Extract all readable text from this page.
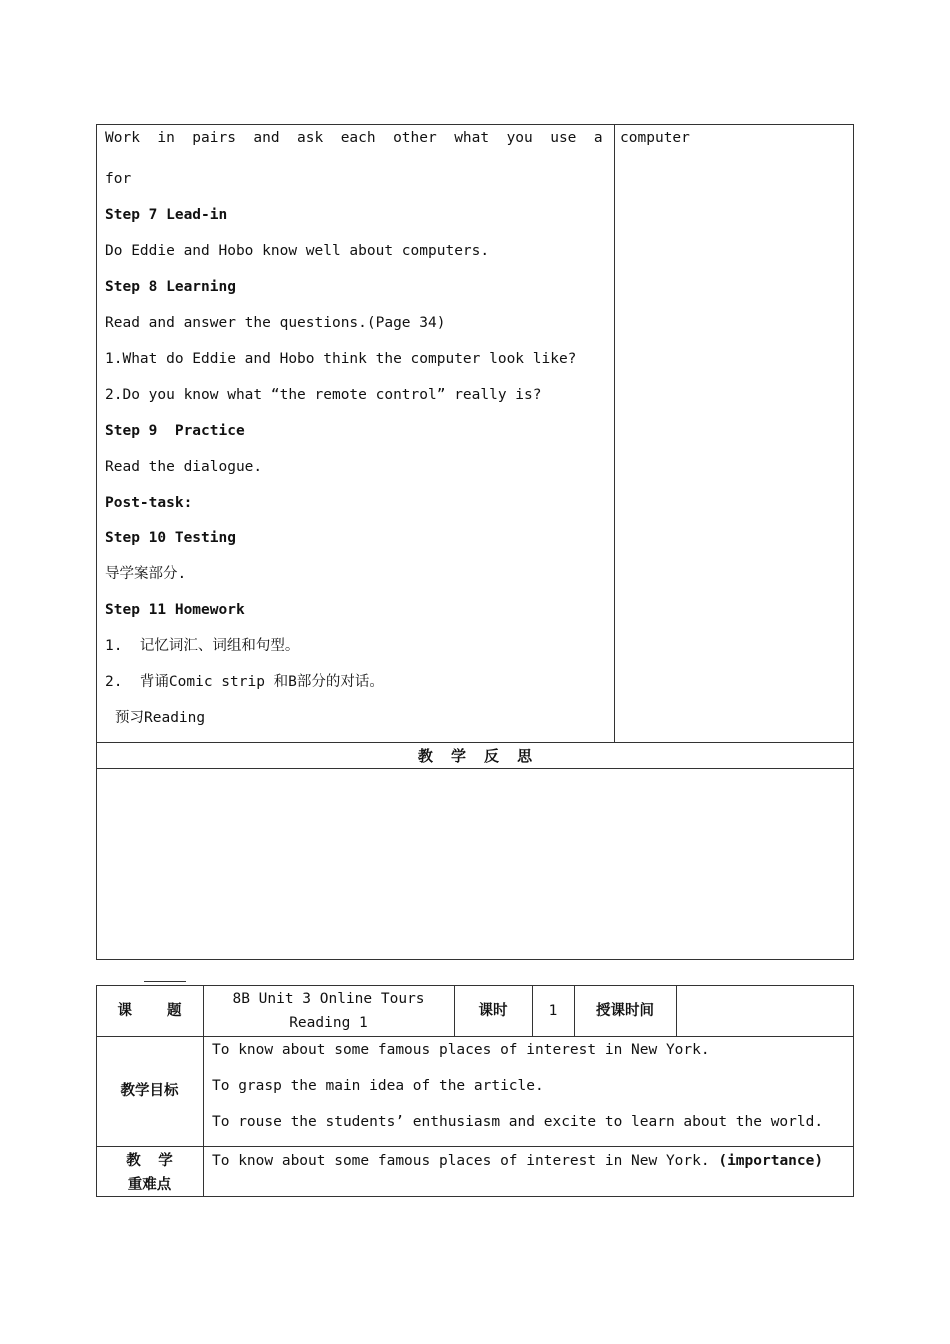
Work  in  pairs  and  ask  each  other  what  you  use  a  computer
for
Step 7 Lead-in
Do Eddie and Hobo know well about computers.
Step 8 Learning
Read and answer the questions.(Page 34)
1.What do Eddie and Hobo think the computer look like?
2.Do you know what “the remote control” really is?
Step 9  Practice
Read the dialogue.
Post-task:
Step 10 Testing
导学案部分.
Step 11 Homework
1.  记忆词汇、词组和句型。
2.  背诵Comic strip 和B部分的对话。
预习Reading
教  学  反  思
课    题
8B Unit 3 Online Tours
Reading 1
课时	1	授课时间
教学目标
To know about some famous places of interest in New York.
To grasp the main idea of the article.
To rouse the students’ enthusiasm and excite to learn about the world.
教  学
重难点
To know about some famous places of interest in New York. (importance)
